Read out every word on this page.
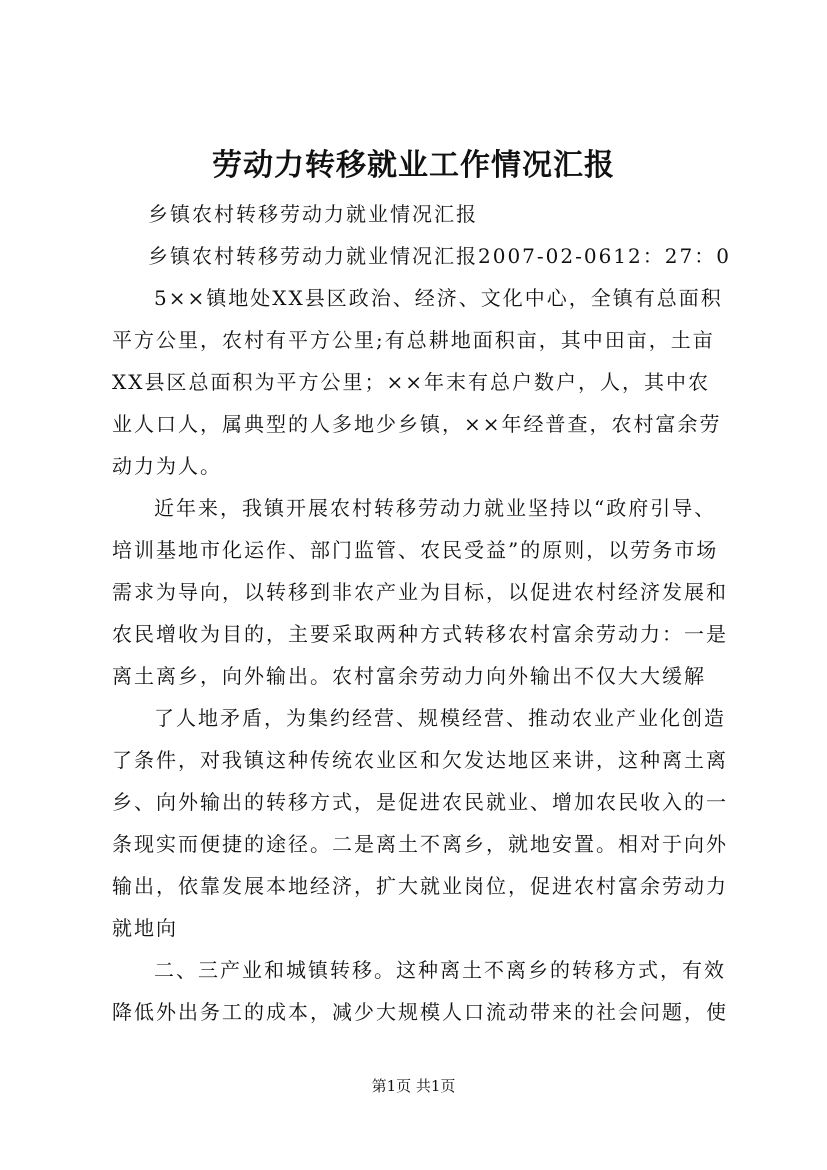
劳动力转移就业工作情况汇报
乡镇农村转移劳动力就业情况汇报
乡镇农村转移劳动力就业情况汇报2007-02-0612：27：0
5××镇地处XX县区政治、经济、文化中心，全镇有总面积
平方公里，农村有平方公里;有总耕地面积亩，其中田亩，土亩
XX县区总面积为平方公里；××年末有总户数户，人，其中农
业人口人，属典型的人多地少乡镇，××年经普查，农村富余劳
动力为人。
近年来，我镇开展农村转移劳动力就业坚持以“政府引导、
培训基地市化运作、部门监管、农民受益”的原则，以劳务市场
需求为导向，以转移到非农产业为目标，以促进农村经济发展和
农民增收为目的，主要采取两种方式转移农村富余劳动力：一是
离土离乡，向外输出。农村富余劳动力向外输出不仅大大缓解
了人地矛盾，为集约经营、规模经营、推动农业产业化创造
了条件，对我镇这种传统农业区和欠发达地区来讲，这种离土离
乡、向外输出的转移方式，是促进农民就业、增加农民收入的一
条现实而便捷的途径。二是离土不离乡，就地安置。相对于向外
输出，依靠发展本地经济，扩大就业岗位，促进农村富余劳动力
就地向
二、三产业和城镇转移。这种离土不离乡的转移方式，有效
降低外出务工的成本，减少大规模人口流动带来的社会问题，使
第1页 共1页
